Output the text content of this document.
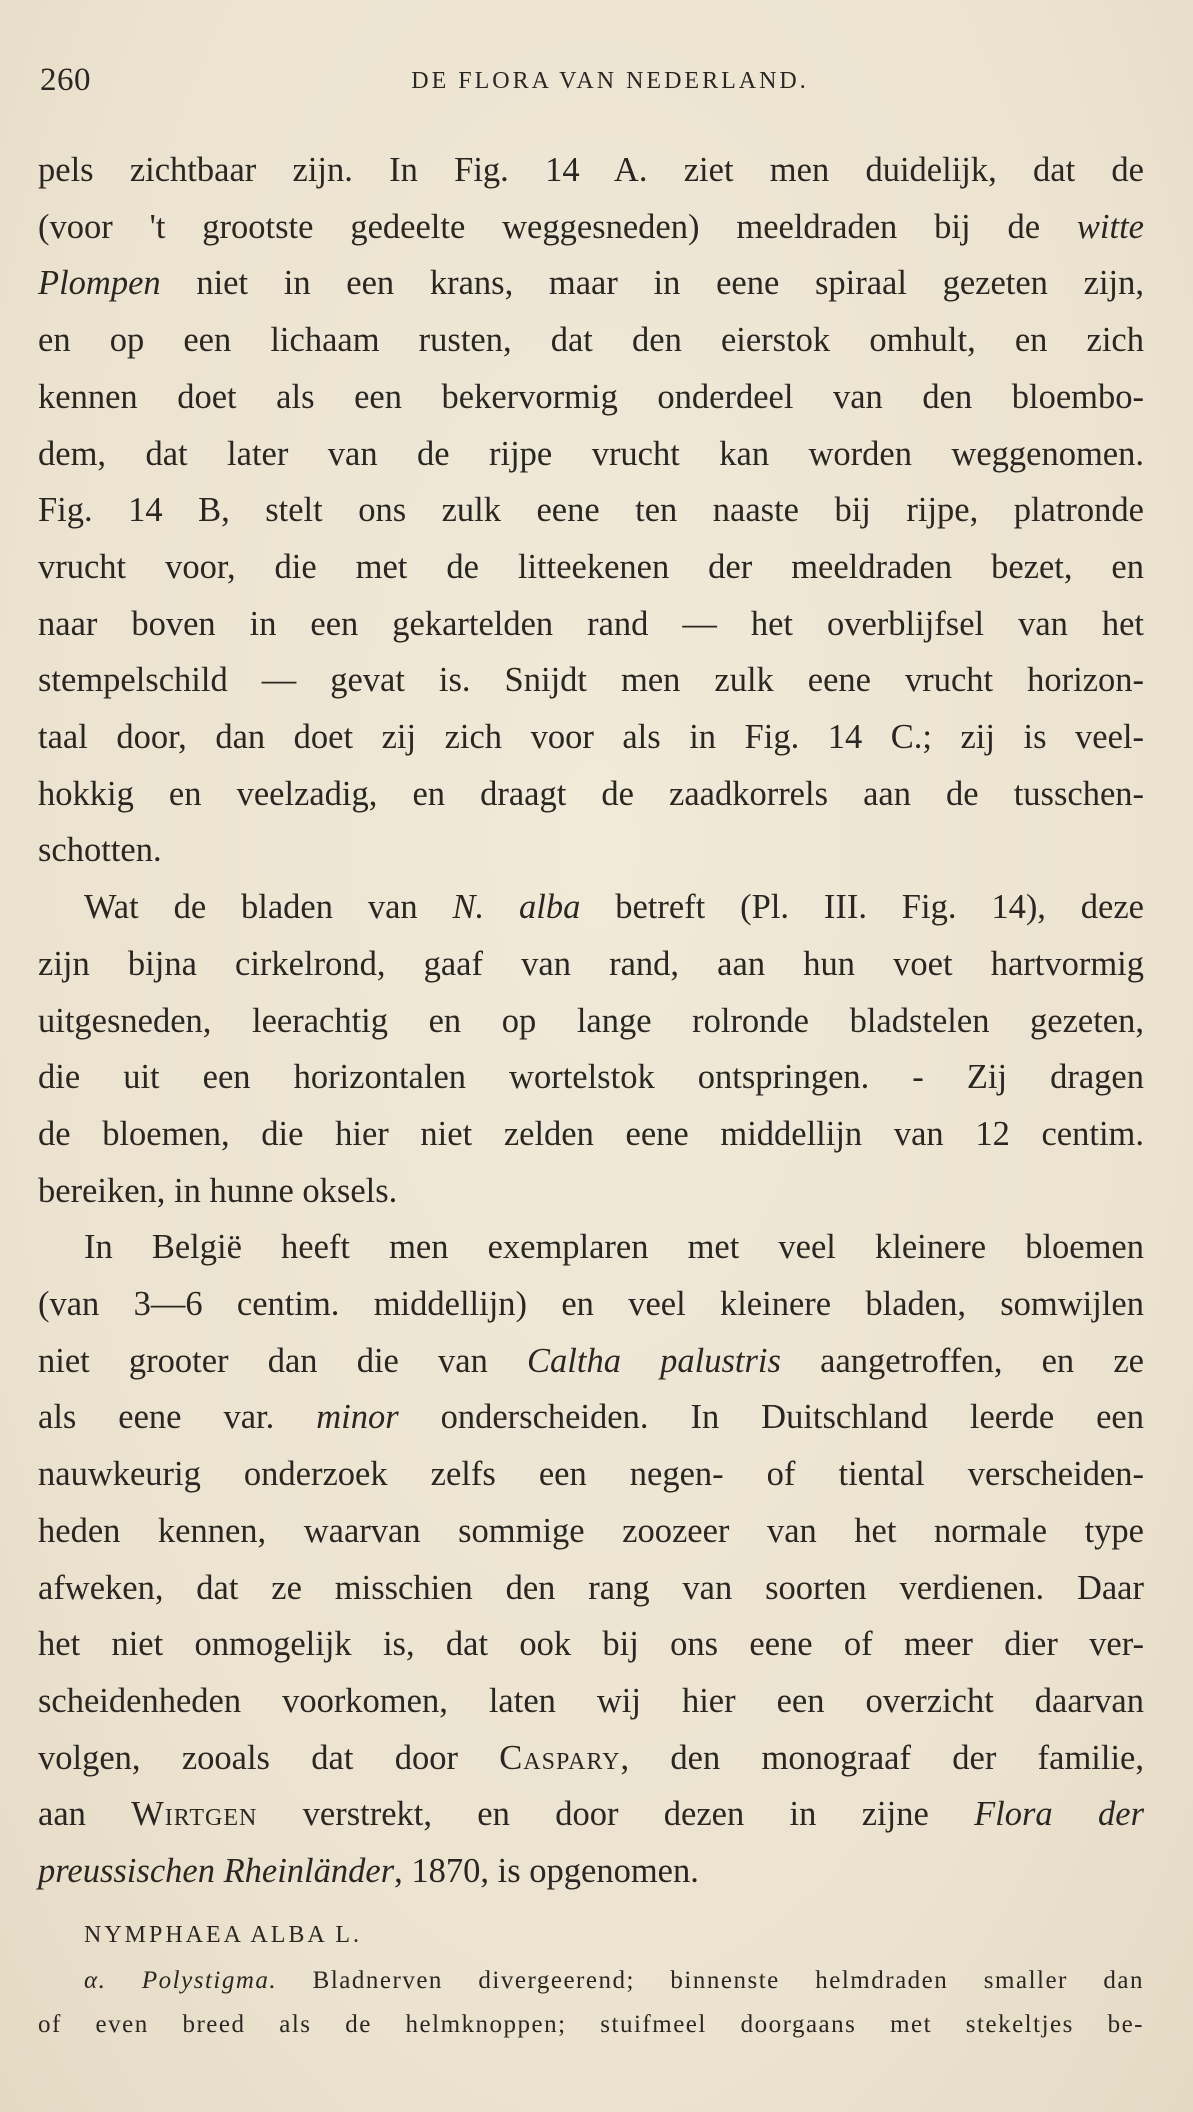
260	DE FLORA VAN NEDERLAND.
pels zichtbaar zijn. In Fig. 14 A. ziet men duidelijk, dat de
(voor 't grootste gedeelte weggesneden) meeldraden bij de witte
Plompen niet in een krans, maar in eene spiraal gezeten zijn,
en op een lichaam rusten, dat den eierstok omhult, en zich
kennen doet als een bekervormig onderdeel van den bloembo-
dem, dat later van de rijpe vrucht kan worden weggenomen.
Fig. 14 B, stelt ons zulk eene ten naaste bij rijpe, platronde
vrucht voor, die met de litteekenen der meeldraden bezet, en
naar boven in een gekartelden rand — het overblijfsel van het
stempelschild — gevat is. Snijdt men zulk eene vrucht horizon-
taal door, dan doet zij zich voor als in Fig. 14 C.; zij is veel-
hokkig en veelzadig, en draagt de zaadkorrels aan de tusschen-
schotten.
Wat de bladen van N. alba betreft (Pl. III. Fig. 14), deze
zijn bijna cirkelrond, gaaf van rand, aan hun voet hartvormig
uitgesneden, leerachtig en op lange rolronde bladstelen gezeten,
die uit een horizontalen wortelstok ontspringen. - Zij dragen
de bloemen, die hier niet zelden eene middellijn van 12 centim.
bereiken, in hunne oksels.
In België heeft men exemplaren met veel kleinere bloemen
(van 3—6 centim. middellijn) en veel kleinere bladen, somwijlen
niet grooter dan die van Caltha palustris aangetroffen, en ze
als eene var. minor onderscheiden. In Duitschland leerde een
nauwkeurig onderzoek zelfs een negen- of tiental verscheiden-
heden kennen, waarvan sommige zoozeer van het normale type
afweken, dat ze misschien den rang van soorten verdienen. Daar
het niet onmogelijk is, dat ook bij ons eene of meer dier ver-
scheidenheden voorkomen, laten wij hier een overzicht daarvan
volgen, zooals dat door Caspary, den monograaf der familie,
aan Wirtgen verstrekt, en door dezen in zijne Flora der
preussischen Rheinländer, 1870, is opgenomen.
NYMPHAEA ALBA L.
α. Polystigma. Bladnerven divergeerend; binnenste helmdraden smaller dan
of even breed als de helmknoppen; stuifmeel doorgaans met stekeltjes be-
